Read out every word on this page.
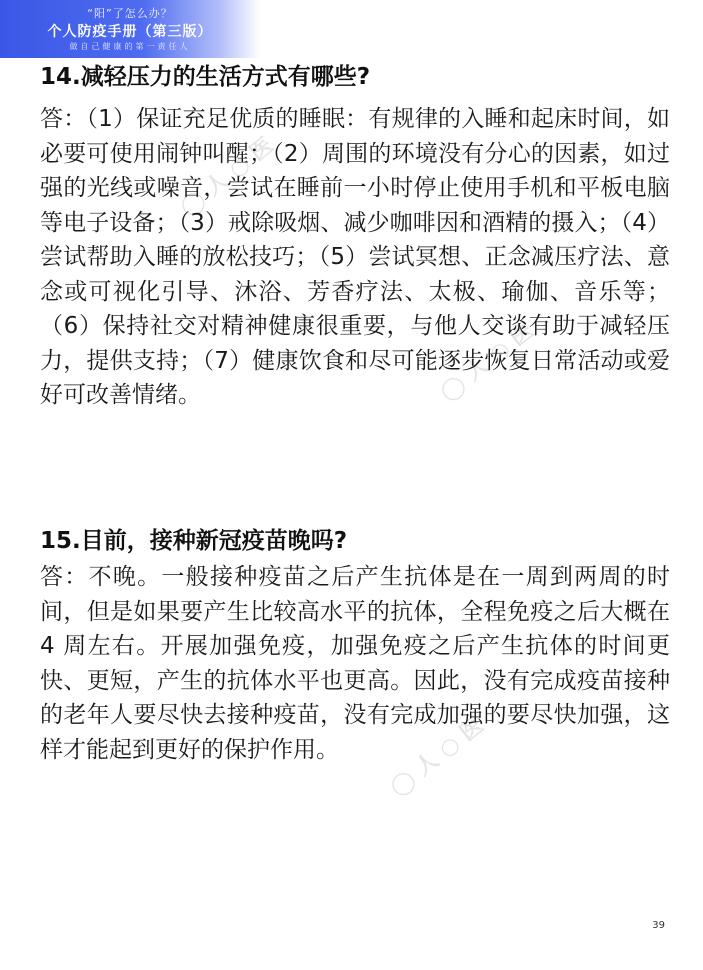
“阳”了怎么办？
个人防疫手册（第三版）
做自己健康的第一责任人
◯ 人 ○ 医
◯ 人 ○ 医
◯ 人 ○ 医
14.减轻压力的生活方式有哪些?

答：（1）保证充足优质的睡眠：有规律的入睡和起床时间，如必要可使用闹钟叫醒；（2）周围的环境没有分心的因素，如过强的光线或噪音，尝试在睡前一小时停止使用手机和平板电脑等电子设备；（3）戒除吸烟、减少咖啡因和酒精的摄入；（4）尝试帮助入睡的放松技巧；（5）尝试冥想、正念减压疗法、意念或可视化引导、沐浴、芳香疗法、太极、瑜伽、音乐等；（6）保持社交对精神健康很重要，与他人交谈有助于减轻压力，提供支持；（7）健康饮食和尽可能逐步恢复日常活动或爱好可改善情绪。

15.目前，接种新冠疫苗晚吗?

答：不晚。一般接种疫苗之后产生抗体是在一周到两周的时间，但是如果要产生比较高水平的抗体，全程免疫之后大概在 4 周左右。开展加强免疫，加强免疫之后产生抗体的时间更快、更短，产生的抗体水平也更高。因此，没有完成疫苗接种的老年人要尽快去接种疫苗，没有完成加强的要尽快加强，这样才能起到更好的保护作用。

39
